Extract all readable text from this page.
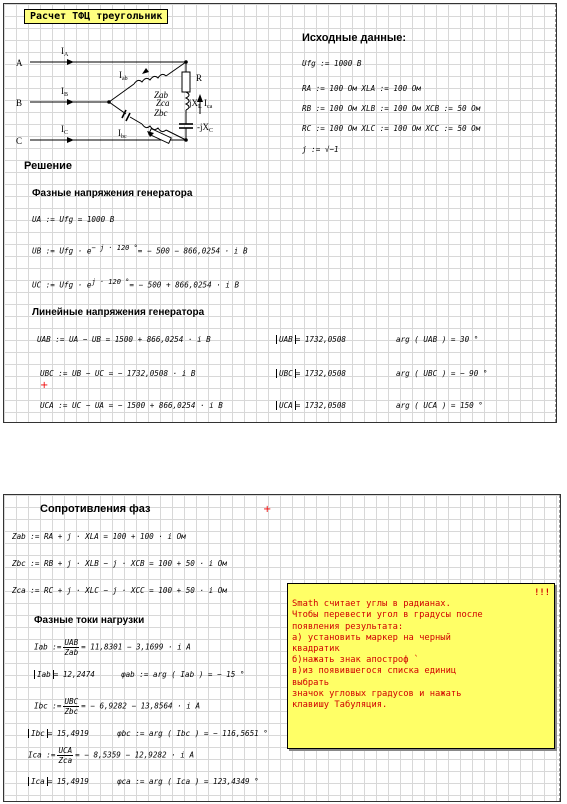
Расчет ТФЦ треугольник
A
B
C
$I_A$
$I_B$
$I_C$
$I_{ab}$
Zab
Zbc
Zca
$I_{bc}$
R
$jX_L$ $I_{ca}$
$-jX_C$
Исходные данные:
Ufg := 1000 В
RA := 100 Ом XLA := 100 Ом
RB := 100 Ом XLB := 100 Ом XCB := 50 Ом
RC := 100 Ом XLC := 100 Ом XCC := 50 Ом
j := √−1
Решение
Фазные напряжения генератора
UA := Ufg = 1000 В
UB := Ufg · $e^{- j \cdot 120 ^\circ}= - 500 - 866,0254 \cdot i$ В
UC := Ufg · $e^{j \cdot 120 ^\circ}= - 500 + 866,0254 \cdot i$ В
Линейные напряжения генератора
UAB := UA − UB = 1500 + 866,0254 · i В	UAB = 1732,0508	arg ( UAB ) = 30 °
UBC := UB − UC = − 1732,0508 · i В	UBC = 1732,0508	arg ( UBC ) = − 90 °
+
UCA := UC − UA = − 1500 + 866,0254 · i В	UCA = 1732,0508	arg ( UCA ) = 150 °
Сопротивления фаз	+
Zab := RA + j · XLA = 100 + 100 · i Ом
Zbc := RB + j · XLB − j · XCB = 100 + 50 · i Ом
Zca := RC + j · XLC − j · XCC = 100 + 50 · i Ом
Фазные токи нагрузки
Iab := $\frac{\text{UAB}}{\text{Zab}} = 11,8301 - 3,1699 \cdot i$ А
Iab = 12,2474	φab := arg ( Iab ) = − 15 °
Ibc := $\frac{\text{UBC}}{\text{Zbc}}$ = − 6,9282 − 13,8564 · i А
Ibc = 15,4919	φbc := arg ( Ibc ) = − 116,5651 °
Ica := $\frac{\text{UCA}}{\text{Zca}}$ = − 8,5359 − 12,9282 · i А
Ica = 15,4919	φca := arg ( Ica ) = 123,4349 °
!!!
Smath считает углы в радианах.
Чтобы перевести угол в градусы после
появления результата:
а) установить маркер на черный
квадратик
б)нажать знак апостроф `
в)из появившегося списка единиц
выбрать
значок угловых градусов и нажать
клавишу Табуляция.
